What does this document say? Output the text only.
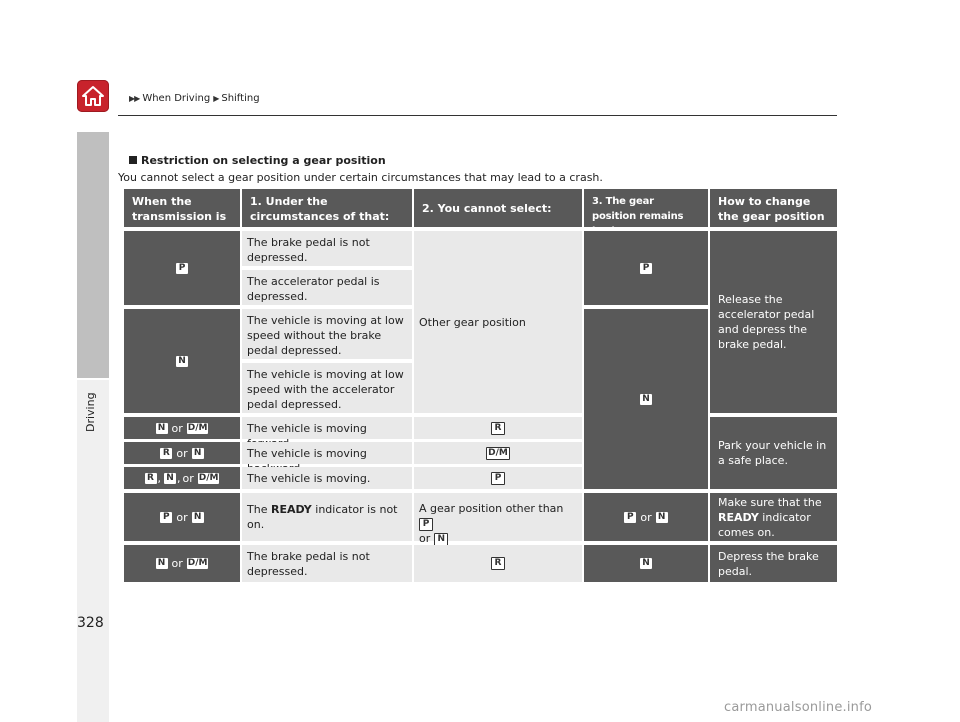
▶▶ When Driving ▶ Shifting
Driving
328
Restriction on selecting a gear position
You cannot select a gear position under certain circumstances that may lead to a crash.
When the transmission is
1. Under the circumstances of that:
2. You cannot select:	3. The gear position remains
How to change the gear position
P
N
N or D/M
R or N
R , N , or D/M
P or N
N or D/M
The brake pedal is not depressed.
The accelerator pedal is depressed.
The vehicle is moving at low speed without the brake pedal depressed.
The vehicle is moving at low speed with the accelerator pedal depressed.
The vehicle is moving
The vehicle is moving
The vehicle is moving.
The READY indicator is not on.
The brake pedal is not depressed.
Other gear position
R
D/M
P
A gear position other than P
or N
R
P
N
P or N
N
Release the accelerator pedal and depress the brake pedal.
Park your vehicle in a safe place.
Make sure that the
READY indicator comes on.
Depress the brake pedal.
carmanualsonline.info
